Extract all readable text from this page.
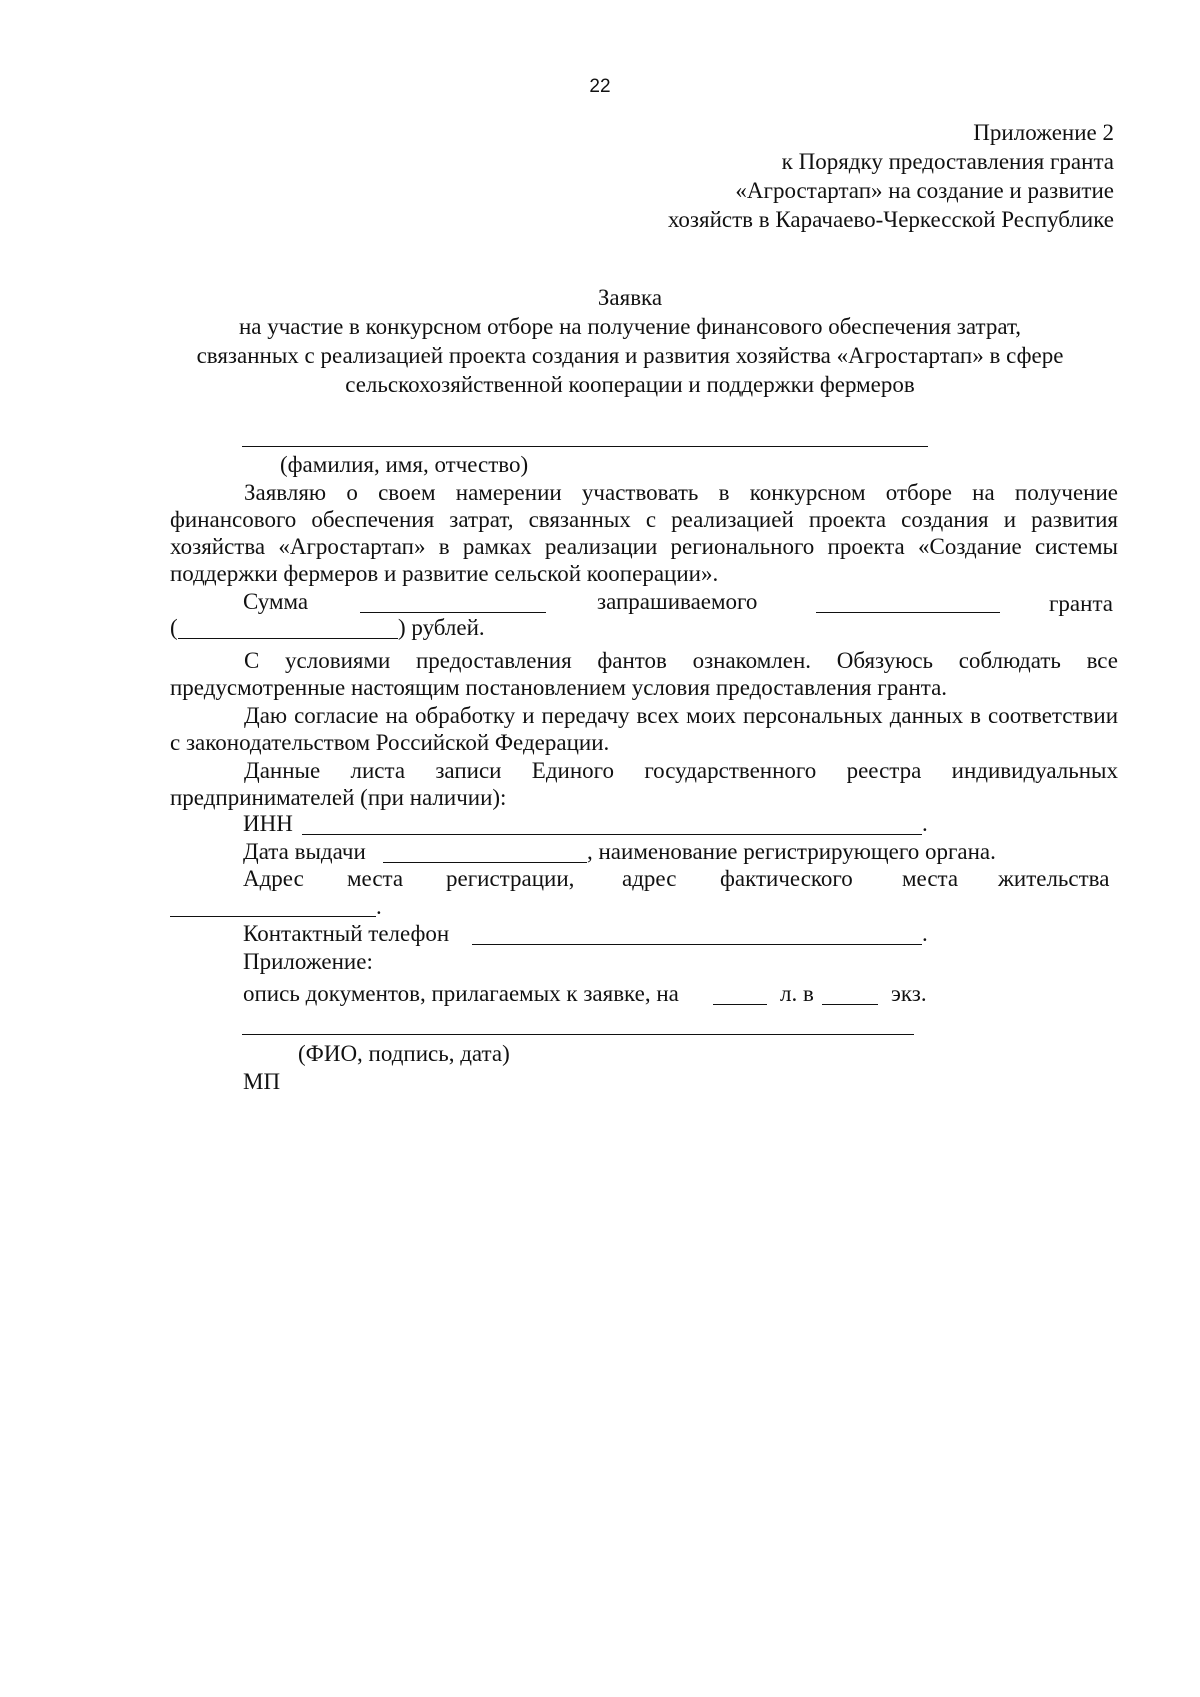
22
Приложение 2
к Порядку предоставления гранта
«Агростартап» на создание и развитие
хозяйств в Карачаево-Черкесской Республике
Заявка
на участие в конкурсном отборе на получение финансового обеспечения затрат,
связанных с реализацией проекта создания и развития хозяйства «Агростартап» в сфере
сельскохозяйственной кооперации и поддержки фермеров
(фамилия, имя, отчество)
Заявляю о своем намерении участвовать в конкурсном отборе на получение финансового обеспечения затрат, связанных с реализацией проекта создания и развития хозяйства «Агростартап» в рамках реализации регионального проекта «Создание системы поддержки фермеров и развитие сельской кооперации».
Сумма	запрашиваемого	гранта
(	) рублей.
С условиями предоставления фантов ознакомлен. Обязуюсь соблюдать все предусмотренные настоящим постановлением условия предоставления гранта.
Даю согласие на обработку и передачу всех моих персональных данных в соответствии с законодательством Российской Федерации.
Данные листа записи Единого государственного реестра индивидуальных предпринимателей (при наличии):
ИНН	.
Дата выдачи	, наименование регистрирующего органа.
Адрес места регистрации, адрес фактического места жительства
.
Контактный телефон	.
Приложение:
опись документов, прилагаемых к заявке, на	л. в	экз.
(ФИО, подпись, дата)
МП
